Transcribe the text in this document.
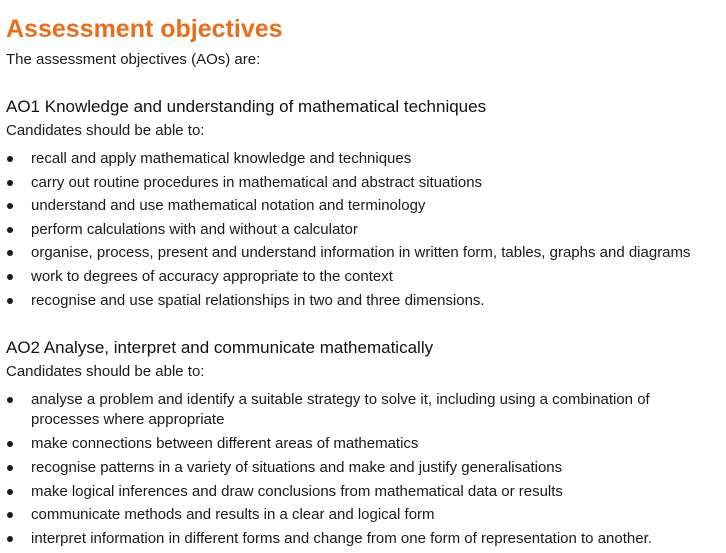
Assessment objectives
The assessment objectives (AOs) are:
AO1 Knowledge and understanding of mathematical techniques
Candidates should be able to:
recall and apply mathematical knowledge and techniques
carry out routine procedures in mathematical and abstract situations
understand and use mathematical notation and terminology
perform calculations with and without a calculator
organise, process, present and understand information in written form, tables, graphs and diagrams
work to degrees of accuracy appropriate to the context
recognise and use spatial relationships in two and three dimensions.
AO2 Analyse, interpret and communicate mathematically
Candidates should be able to:
analyse a problem and identify a suitable strategy to solve it, including using a combination of processes where appropriate
make connections between different areas of mathematics
recognise patterns in a variety of situations and make and justify generalisations
make logical inferences and draw conclusions from mathematical data or results
communicate methods and results in a clear and logical form
interpret information in different forms and change from one form of representation to another.
